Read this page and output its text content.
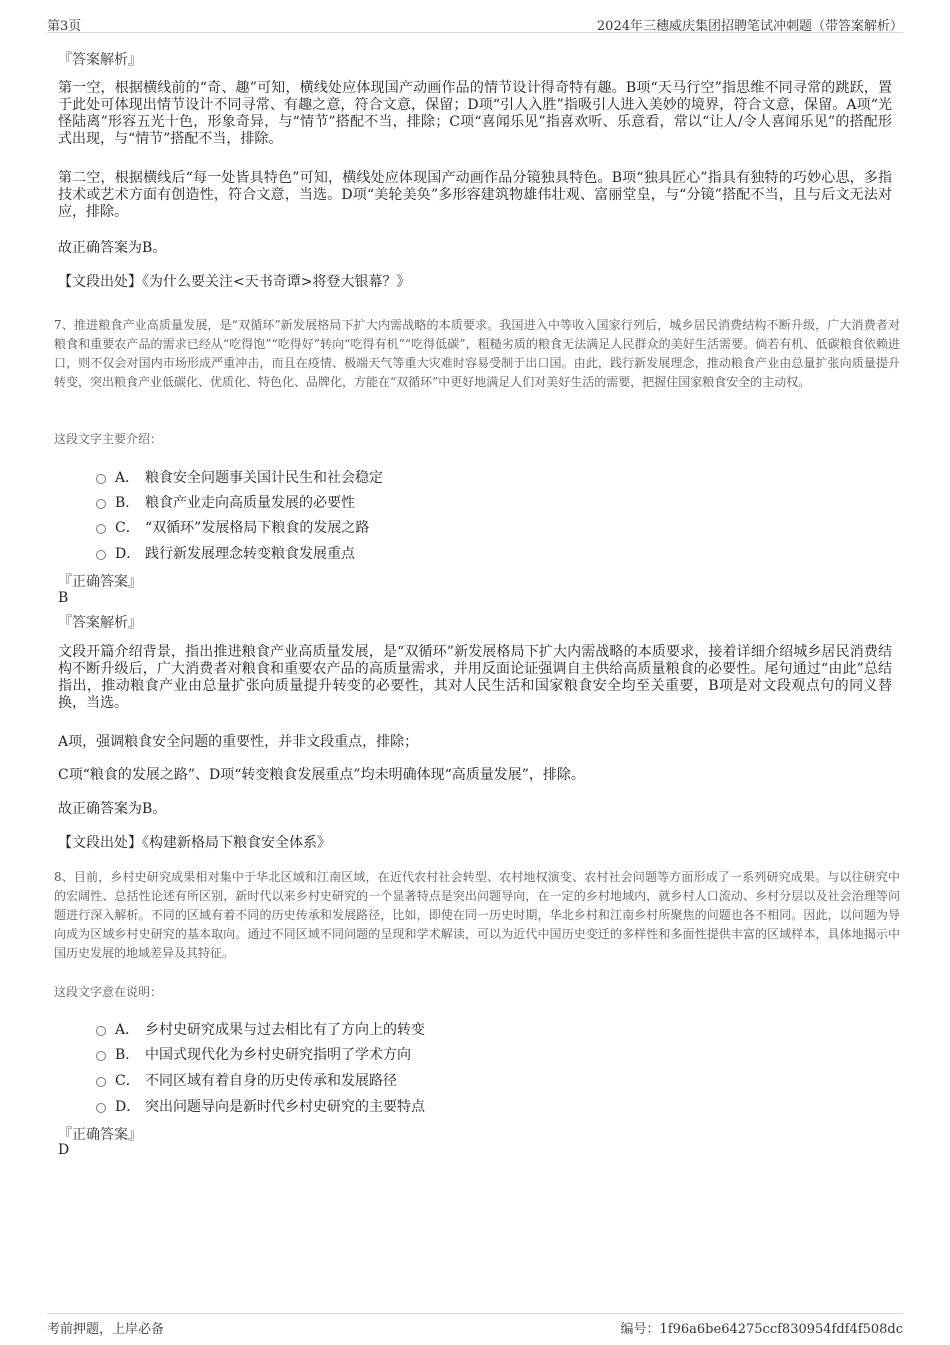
第3页	2024年三穗威庆集团招聘笔试冲刺题（带答案解析）
『答案解析』
第一空，根据横线前的“奇、趣”可知，横线处应体现国产动画作品的情节设计得奇特有趣。B项“天马行空”指思维不同寻常的跳跃，置于此处可体现出情节设计不同寻常、有趣之意，符合文意，保留；D项“引人入胜”指吸引人进入美妙的境界，符合文意，保留。A项“光怪陆离”形容五光十色，形象奇异，与“情节”搭配不当，排除；C项“喜闻乐见”指喜欢听、乐意看，常以“让人/令人喜闻乐见”的搭配形式出现，与“情节”搭配不当，排除。
第二空，根据横线后“每一处皆具特色”可知，横线处应体现国产动画作品分镜独具特色。B项“独具匠心”指具有独特的巧妙心思，多指技术或艺术方面有创造性，符合文意，当选。D项“美轮美奂”多形容建筑物雄伟壮观、富丽堂皇，与“分镜”搭配不当，且与后文无法对应，排除。
故正确答案为B。
【文段出处】《为什么要关注<天书奇谭>将登大银幕？》
7、推进粮食产业高质量发展，是“双循环”新发展格局下扩大内需战略的本质要求。我国进入中等收入国家行列后，城乡居民消费结构不断升级，广大消费者对粮食和重要农产品的需求已经从“吃得饱”“吃得好”转向“吃得有机”“吃得低碳”，粗糙劣质的粮食无法满足人民群众的美好生活需要。倘若有机、低碳粮食依赖进口，则不仅会对国内市场形成严重冲击，而且在疫情、极端天气等重大灾难时容易受制于出口国。由此，践行新发展理念，推动粮食产业由总量扩张向质量提升转变，突出粮食产业低碳化、优质化、特色化、品牌化，方能在“双循环”中更好地满足人们对美好生活的需要，把握住国家粮食安全的主动权。
这段文字主要介绍：
A． 粮食安全问题事关国计民生和社会稳定
B． 粮食产业走向高质量发展的必要性
C． “双循环”发展格局下粮食的发展之路
D． 践行新发展理念转变粮食发展重点
『正确答案』
B
『答案解析』
文段开篇介绍背景，指出推进粮食产业高质量发展，是“双循环”新发展格局下扩大内需战略的本质要求，接着详细介绍城乡居民消费结构不断升级后，广大消费者对粮食和重要农产品的高质量需求，并用反面论证强调自主供给高质量粮食的必要性。尾句通过“由此”总结指出，推动粮食产业由总量扩张向质量提升转变的必要性，其对人民生活和国家粮食安全均至关重要，B项是对文段观点句的同义替换，当选。
A项，强调粮食安全问题的重要性，并非文段重点，排除；
C项“粮食的发展之路”、D项“转变粮食发展重点”均未明确体现“高质量发展”，排除。
故正确答案为B。
【文段出处】《构建新格局下粮食安全体系》
8、目前，乡村史研究成果相对集中于华北区域和江南区域，在近代农村社会转型、农村地权演变、农村社会问题等方面形成了一系列研究成果。与以往研究中的宏阔性、总括性论述有所区别，新时代以来乡村史研究的一个显著特点是突出问题导向，在一定的乡村地域内，就乡村人口流动、乡村分层以及社会治理等问题进行深入解析。不同的区域有着不同的历史传承和发展路径，比如，即使在同一历史时期，华北乡村和江南乡村所聚焦的问题也各不相同。因此，以问题为导向成为区域乡村史研究的基本取向。通过不同区域不同问题的呈现和学术解读，可以为近代中国历史变迁的多样性和多面性提供丰富的区域样本，具体地揭示中国历史发展的地域差异及其特征。
这段文字意在说明：
A． 乡村史研究成果与过去相比有了方向上的转变
B． 中国式现代化为乡村史研究指明了学术方向
C． 不同区域有着自身的历史传承和发展路径
D． 突出问题导向是新时代乡村史研究的主要特点
『正确答案』
D
考前押题，上岸必备	编号：1f96a6be64275ccf830954fdf4f508dc
